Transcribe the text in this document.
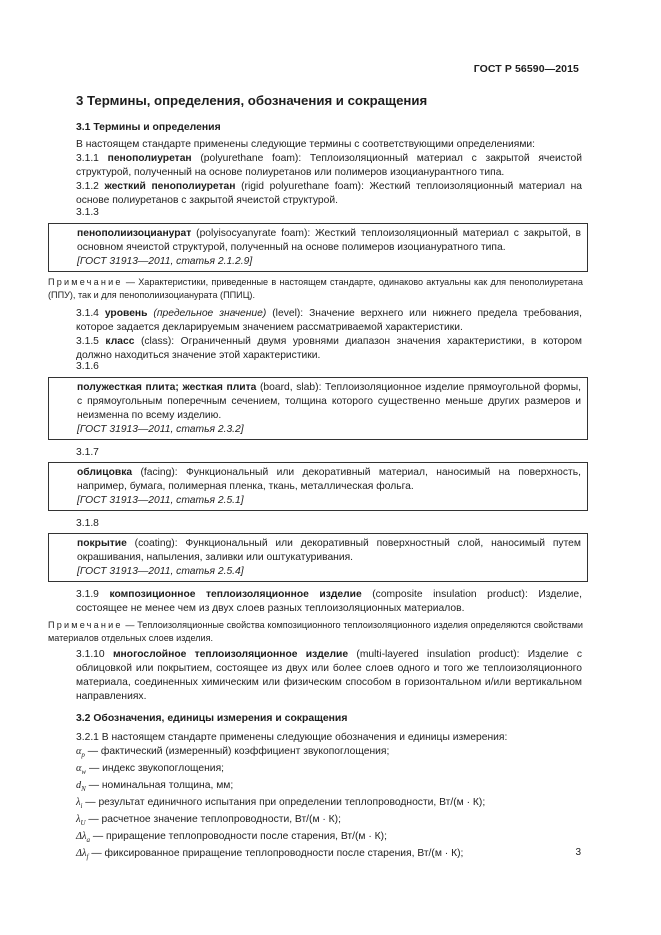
ГОСТ Р 56590—2015
3 Термины, определения, обозначения и сокращения
3.1 Термины и определения

В настоящем стандарте применены следующие термины с соответствующими определениями:

3.1.1 пенополиуретан (polyurethane foam): Теплоизоляционный материал с закрытой ячеистой структурой, полученный на основе полиуретанов или полимеров изоцианурантного типа.

3.1.2 жесткий пенополиуретан (rigid polyurethane foam): Жесткий теплоизоляционный материал на основе полиуретанов с закрытой ячеистой структурой.

3.1.3

пенополиизоцианурат (polyisocyanyrate foam): Жесткий теплоизоляционный материал с закрытой, в основном ячеистой структурой, полученный на основе полимеров изоциануратного типа.

[ГОСТ 31913—2011, статья 2.1.2.9]

Примечание — Характеристики, приведенные в настоящем стандарте, одинаково актуальны как для пенополиуретана (ППУ), так и для пенополиизоцианурата (ППИЦ).

3.1.4 уровень (предельное значение) (level): Значение верхнего или нижнего предела требования, которое задается декларируемым значением рассматриваемой характеристики.

3.1.5 класс (class): Ограниченный двумя уровнями диапазон значения характеристики, в котором должно находиться значение этой характеристики.

3.1.6

полужесткая плита; жесткая плита (board, slab): Теплоизоляционное изделие прямоугольной формы, с прямоугольным поперечным сечением, толщина которого существенно меньше других размеров и неизменна по всему изделию.

[ГОСТ 31913—2011, статья 2.3.2]

3.1.7

облицовка (facing): Функциональный или декоративный материал, наносимый на поверхность, например, бумага, полимерная пленка, ткань, металлическая фольга.

[ГОСТ 31913—2011, статья 2.5.1]

3.1.8

покрытие (coating): Функциональный или декоративный поверхностный слой, наносимый путем окрашивания, напыления, заливки или оштукатуривания.

[ГОСТ 31913—2011, статья 2.5.4]

3.1.9 композиционное теплоизоляционное изделие (composite insulation product): Изделие, состоящее не менее чем из двух слоев разных теплоизоляционных материалов.

Примечание — Теплоизоляционные свойства композиционного теплоизоляционного изделия определяются свойствами материалов отдельных слоев изделия.

3.1.10 многослойное теплоизоляционное изделие (multi-layered insulation product): Изделие с облицовкой или покрытием, состоящее из двух или более слоев одного и того же теплоизоляционного материала, соединенных химическим или физическим способом в горизонтальном и/или вертикальном направлениях.

3.2 Обозначения, единицы измерения и сокращения

3.2.1 В настоящем стандарте применены следующие обозначения и единицы измерения:

$\alpha_p$ — фактический (измеренный) коэффициент звукопоглощения;

$\alpha_w$ — индекс звукопоглощения;

$d_N$ — номинальная толщина, мм;

$\lambda_i$ — результат единичного испытания при определении теплопроводности, Вт/(м · К);

$\lambda_U$ — расчетное значение теплопроводности, Вт/(м · К);

$\Delta\lambda_a$ — приращение теплопроводности после старения, Вт/(м · К);

$\Delta\lambda_f$ — фиксированное приращение теплопроводности после старения, Вт/(м · К);	3
